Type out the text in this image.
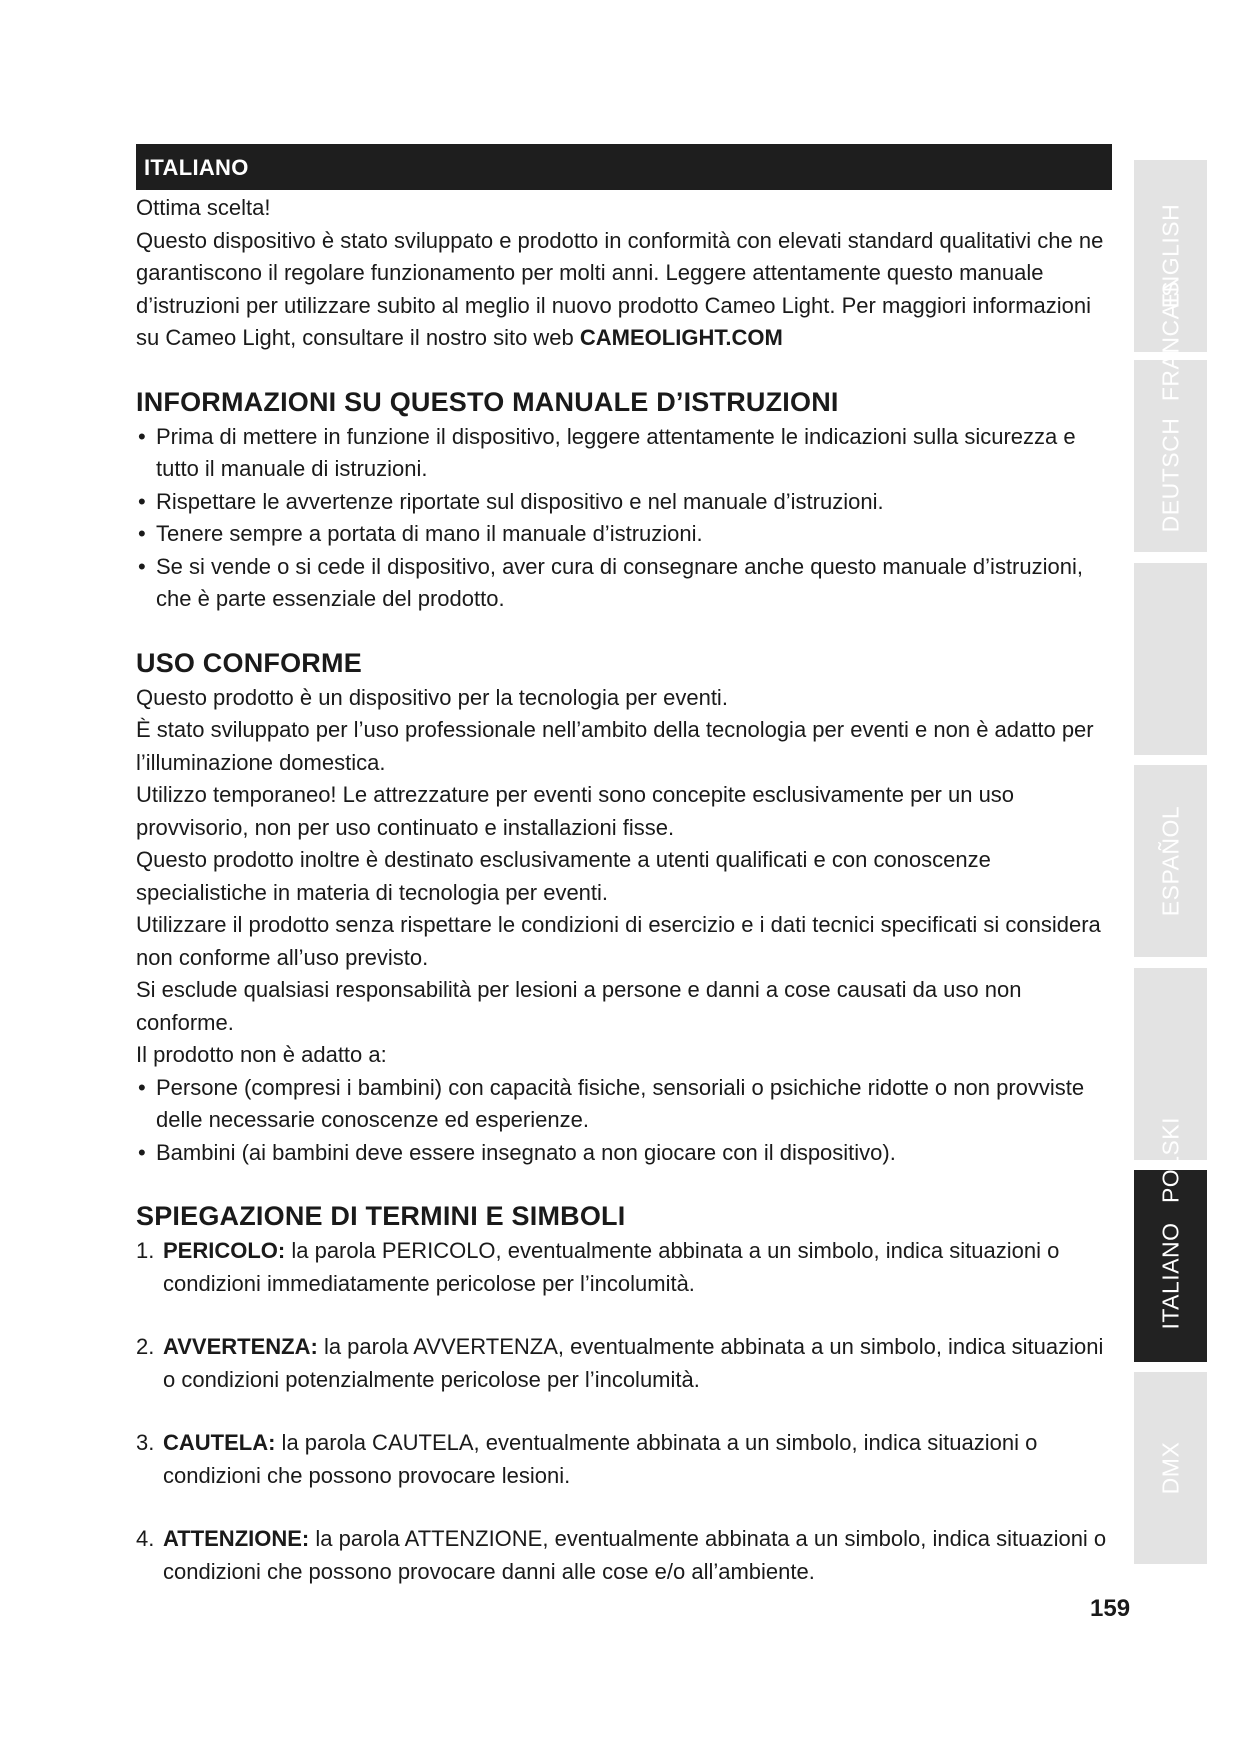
ITALIANO

Ottima scelta!

Questo dispositivo è stato sviluppato e prodotto in conformità con elevati standard qualitativi che ne garantiscono il regolare funzionamento per molti anni. Leggere attentamente questo manuale d’istruzioni per utilizzare subito al meglio il nuovo prodotto Cameo Light. Per maggiori informazioni su Cameo Light, consultare il nostro sito web CAMEOLIGHT.COM

INFORMAZIONI SU QUESTO MANUALE D’ISTRUZIONI
• Prima di mettere in funzione il dispositivo, leggere attentamente le indicazioni sulla sicurezza e tutto il manuale di istruzioni.
• Rispettare le avvertenze riportate sul dispositivo e nel manuale d’istruzioni.
• Tenere sempre a portata di mano il manuale d’istruzioni.
• Se si vende o si cede il dispositivo, aver cura di consegnare anche questo manuale d’istruzioni, che è parte essenziale del prodotto.
USO CONFORME

Questo prodotto è un dispositivo per la tecnologia per eventi.

È stato sviluppato per l’uso professionale nell’ambito della tecnologia per eventi e non è adatto per l’illuminazione domestica.

Utilizzo temporaneo! Le attrezzature per eventi sono concepite esclusivamente per un uso provvisorio, non per uso continuato e installazioni fisse.

Questo prodotto inoltre è destinato esclusivamente a utenti qualificati e con conoscenze specialistiche in materia di tecnologia per eventi.

Utilizzare il prodotto senza rispettare le condizioni di esercizio e i dati tecnici specificati si considera non conforme all’uso previsto.

Si esclude qualsiasi responsabilità per lesioni a persone e danni a cose causati da uso non conforme.

Il prodotto non è adatto a:

• Persone (compresi i bambini) con capacità fisiche, sensoriali o psichiche ridotte o non provviste delle necessarie conoscenze ed esperienze.
• Bambini (ai bambini deve essere insegnato a non giocare con il dispositivo).
SPIEGAZIONE DI TERMINI E SIMBOLI
1. PERICOLO: la parola PERICOLO, eventualmente abbinata a un simbolo, indica situazioni o condizioni immediatamente pericolose per l’incolumità.
2. AVVERTENZA: la parola AVVERTENZA, eventualmente abbinata a un simbolo, indica situazioni o condizioni potenzialmente pericolose per l’incolumità.
3. CAUTELA: la parola CAUTELA, eventualmente abbinata a un simbolo, indica situazioni o condizioni che possono provocare lesioni.
4. ATTENZIONE: la parola ATTENZIONE, eventualmente abbinata a un simbolo, indica situazioni o condizioni che possono provocare danni alle cose e/o all’ambiente.
ENGLISH
DEUTSCH
FRANCAIS
ESPAÑOL
ITALIANO
POLSKI
DMX
159
